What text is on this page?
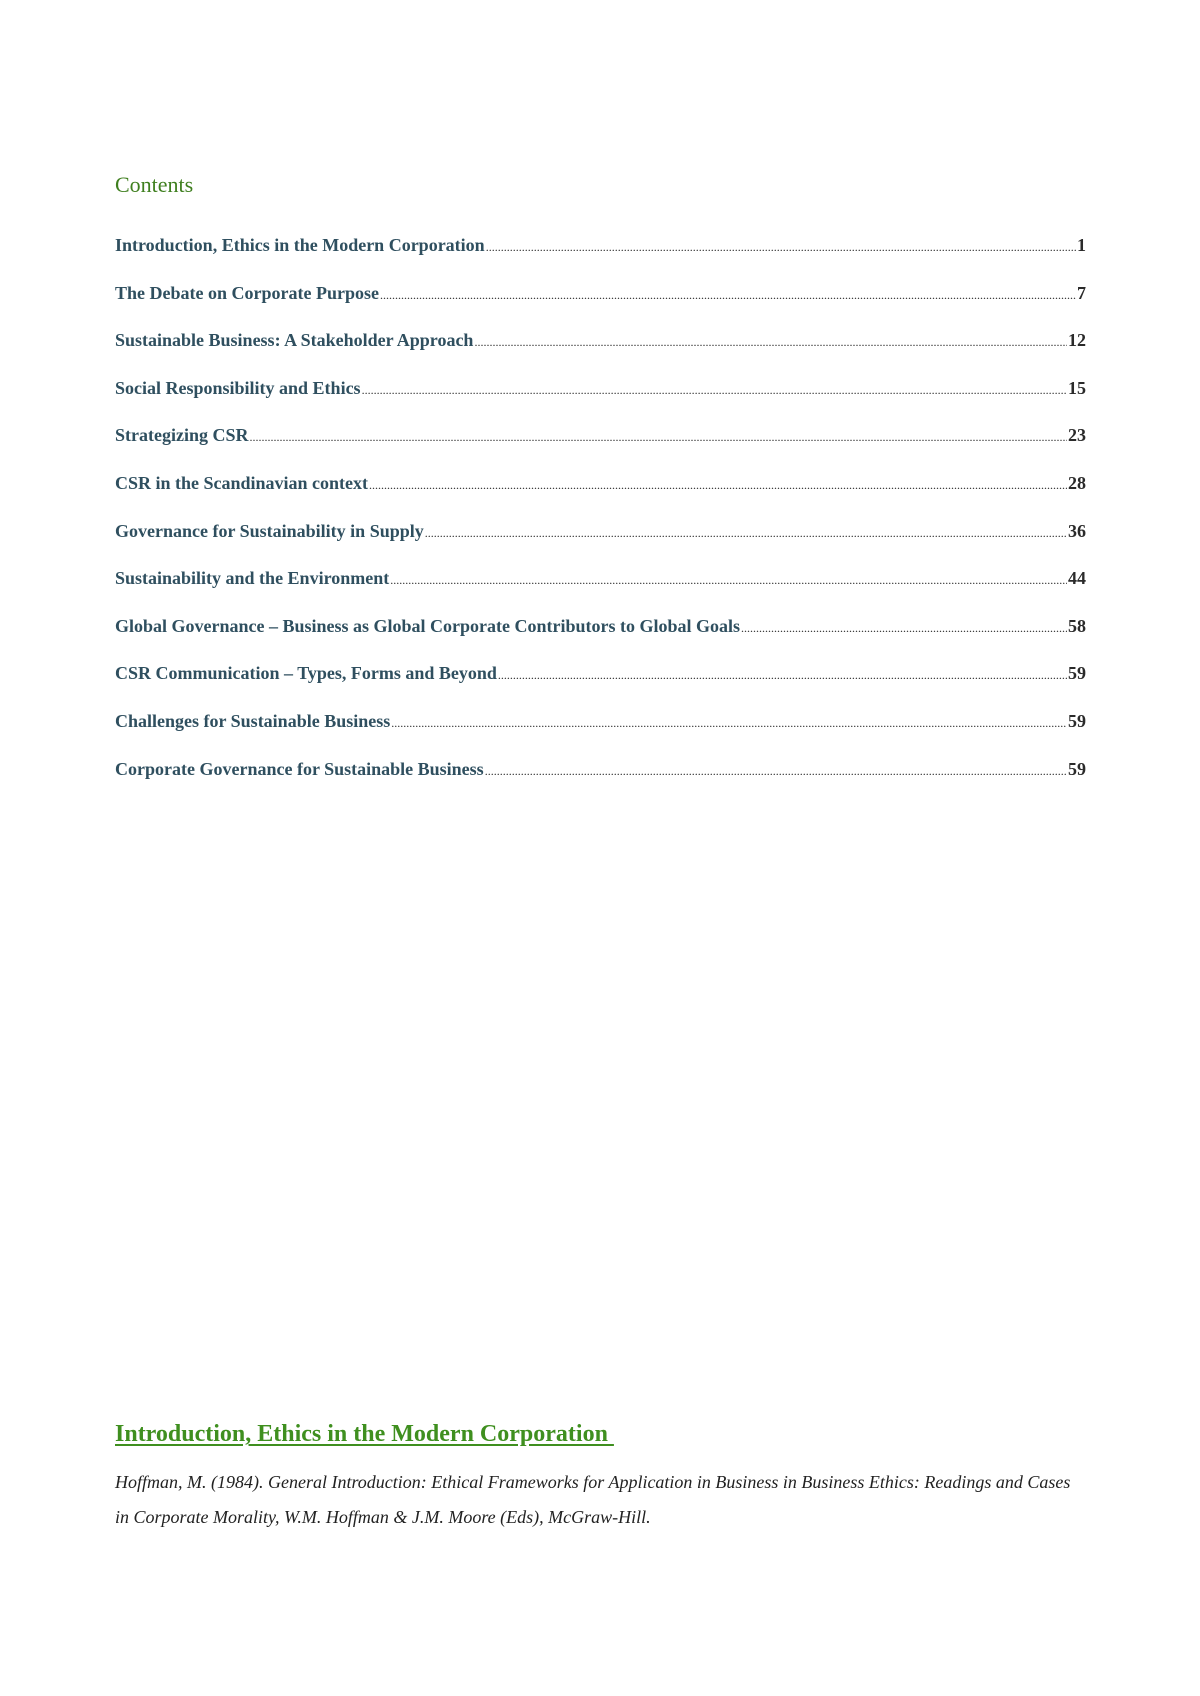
Contents
Introduction, Ethics in the Modern Corporation .....	1
The Debate on Corporate Purpose .....	7
Sustainable Business: A Stakeholder Approach .....	12
Social Responsibility and Ethics .....	15
Strategizing CSR .....	23
CSR in the Scandinavian context .....	28
Governance for Sustainability in Supply .....	36
Sustainability and the Environment .....	44
Global Governance – Business as Global Corporate Contributors to Global Goals .....	58
CSR Communication – Types, Forms and Beyond .....	59
Challenges for Sustainable Business .....	59
Corporate Governance for Sustainable Business .....	59
Introduction, Ethics in the Modern Corporation

Hoffman, M. (1984). General Introduction: Ethical Frameworks for Application in Business in Business Ethics: Readings and Cases in Corporate Morality, W.M. Hoffman & J.M. Moore (Eds), McGraw-Hill.
